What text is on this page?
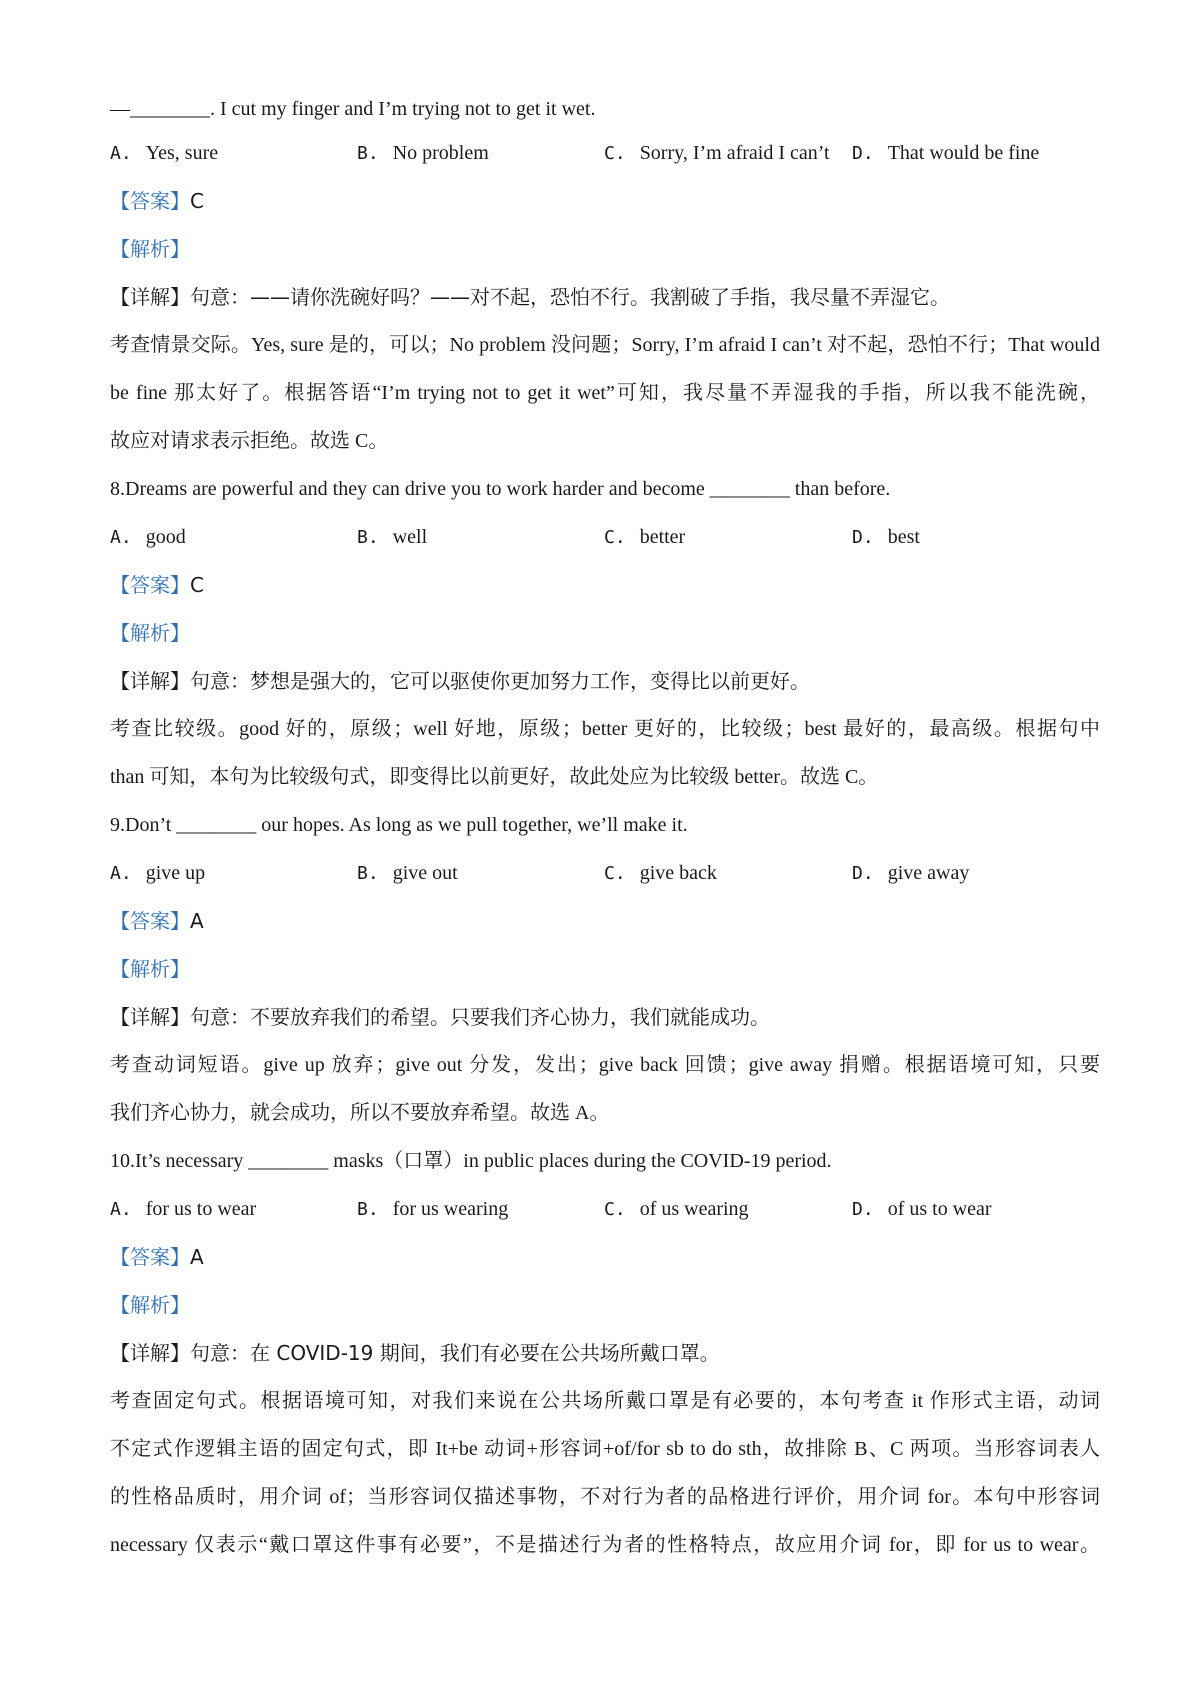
—________. I cut my finger and I’m trying not to get it wet.
A. Yes, sure	B. No problem	C. Sorry, I’m afraid I can’t D. That would be fine
【答案】C
【解析】
【详解】句意：——请你洗碗好吗？——对不起，恐怕不行。我割破了手指，我尽量不弄湿它。
考查情景交际。Yes, sure 是的，可以；No problem 没问题；Sorry, I’m afraid I can’t 对不起，恐怕不行；That would
be fine 那太好了。根据答语“I’m trying not to get it wet”可知，我尽量不弄湿我的手指，所以我不能洗碗，
故应对请求表示拒绝。故选 C。
8.Dreams are powerful and they can drive you to work harder and become ________ than before.
A. good	B. well	C. better	D. best
【答案】C
【解析】
【详解】句意：梦想是强大的，它可以驱使你更加努力工作，变得比以前更好。
考查比较级。good 好的，原级；well 好地，原级；better 更好的，比较级；best 最好的，最高级。根据句中
than 可知，本句为比较级句式，即变得比以前更好，故此处应为比较级 better。故选 C。
9.Don’t ________ our hopes. As long as we pull together, we’ll make it.
A. give up	B. give out	C. give back	D. give away
【答案】A
【解析】
【详解】句意：不要放弃我们的希望。只要我们齐心协力，我们就能成功。
考查动词短语。give up 放弃；give out 分发，发出；give back 回馈；give away 捐赠。根据语境可知，只要
我们齐心协力，就会成功，所以不要放弃希望。故选 A。
10.It’s necessary ________ masks（口罩）in public places during the COVID-19 period.
A. for us to wear	B. for us wearing	C. of us wearing	D. of us to wear
【答案】A
【解析】
【详解】句意：在 COVID-19 期间，我们有必要在公共场所戴口罩。
考查固定句式。根据语境可知，对我们来说在公共场所戴口罩是有必要的，本句考查 it 作形式主语，动词
不定式作逻辑主语的固定句式，即 It+be 动词+形容词+of/for sb to do sth，故排除 B、C 两项。当形容词表人
的性格品质时，用介词 of；当形容词仅描述事物，不对行为者的品格进行评价，用介词 for。本句中形容词
necessary 仅表示“戴口罩这件事有必要”，不是描述行为者的性格特点，故应用介词 for，即 for us to wear。
